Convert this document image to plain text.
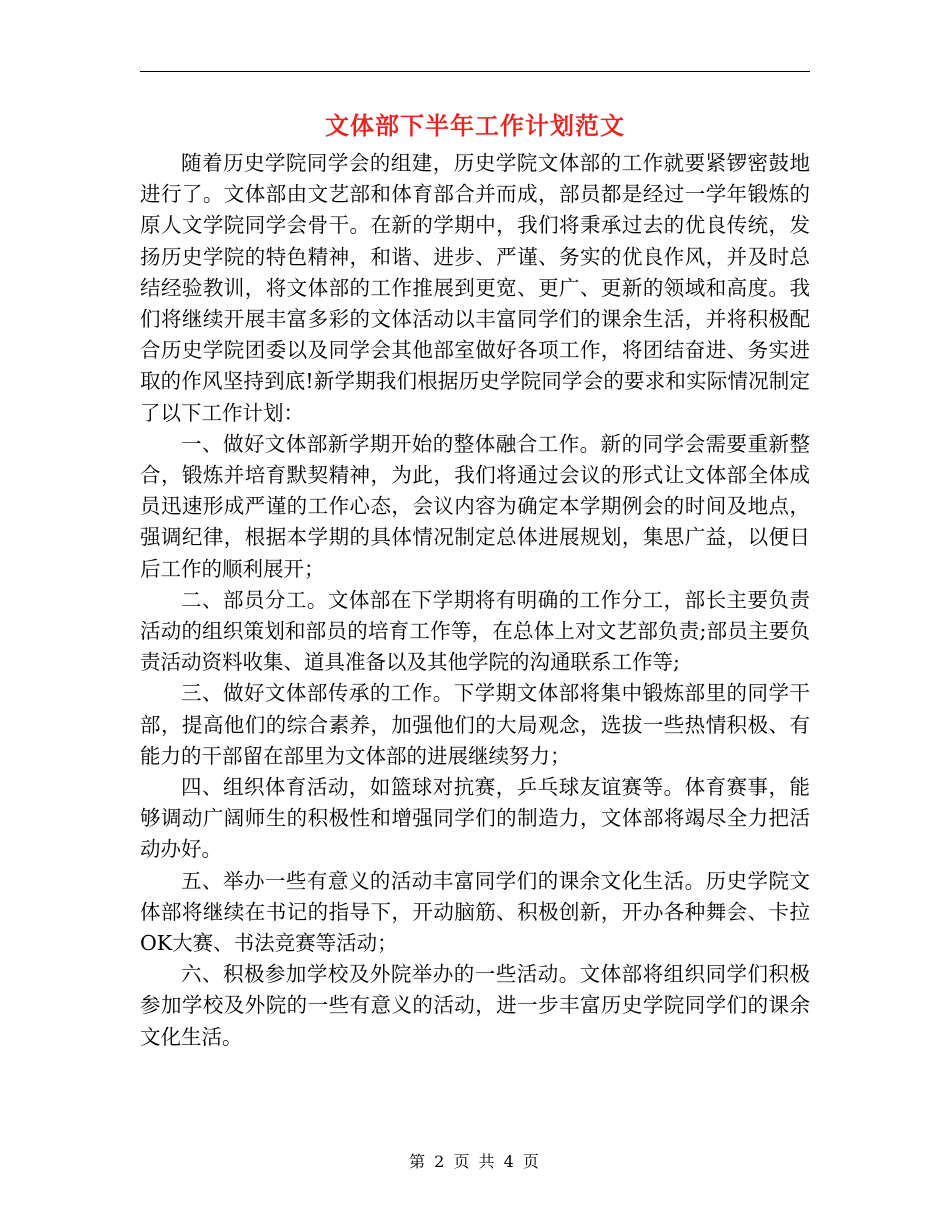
文体部下半年工作计划范文

随着历史学院同学会的组建，历史学院文体部的工作就要紧锣密鼓地进行了。文体部由文艺部和体育部合并而成，部员都是经过一学年锻炼的原人文学院同学会骨干。在新的学期中，我们将秉承过去的优良传统，发扬历史学院的特色精神，和谐、进步、严谨、务实的优良作风，并及时总结经验教训，将文体部的工作推展到更宽、更广、更新的领域和高度。我们将继续开展丰富多彩的文体活动以丰富同学们的课余生活，并将积极配合历史学院团委以及同学会其他部室做好各项工作，将团结奋进、务实进取的作风坚持到底!新学期我们根据历史学院同学会的要求和实际情况制定了以下工作计划：

一、做好文体部新学期开始的整体融合工作。新的同学会需要重新整合，锻炼并培育默契精神，为此，我们将通过会议的形式让文体部全体成员迅速形成严谨的工作心态，会议内容为确定本学期例会的时间及地点，强调纪律，根据本学期的具体情况制定总体进展规划，集思广益，以便日后工作的顺利展开；

二、部员分工。文体部在下学期将有明确的工作分工，部长主要负责活动的组织策划和部员的培育工作等，在总体上对文艺部负责;部员主要负责活动资料收集、道具准备以及其他学院的沟通联系工作等;

三、做好文体部传承的工作。下学期文体部将集中锻炼部里的同学干部，提高他们的综合素养，加强他们的大局观念，选拔一些热情积极、有能力的干部留在部里为文体部的进展继续努力；

四、组织体育活动，如篮球对抗赛，乒乓球友谊赛等。体育赛事，能够调动广阔师生的积极性和增强同学们的制造力，文体部将竭尽全力把活动办好。

五、举办一些有意义的活动丰富同学们的课余文化生活。历史学院文体部将继续在书记的指导下，开动脑筋、积极创新，开办各种舞会、卡拉OK大赛、书法竞赛等活动；

六、积极参加学校及外院举办的一些活动。文体部将组织同学们积极参加学校及外院的一些有意义的活动，进一步丰富历史学院同学们的课余文化生活。

第 2 页 共 4 页
